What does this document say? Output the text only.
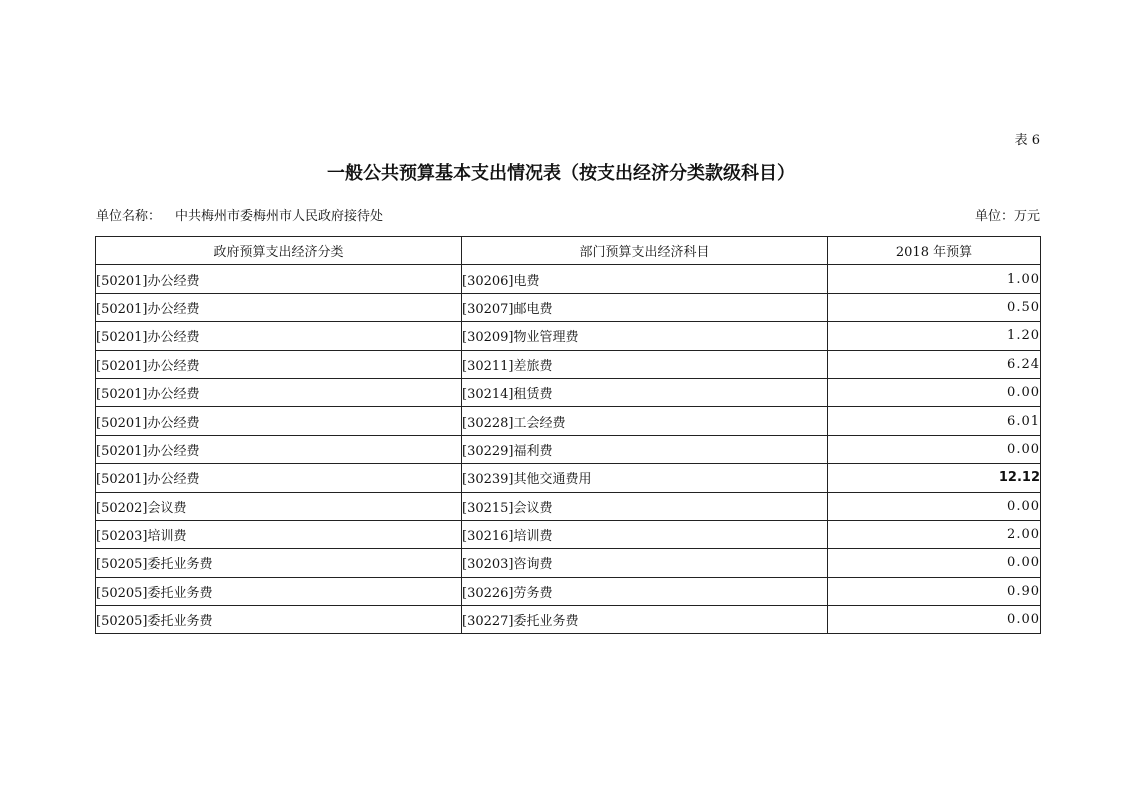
表 6
一般公共预算基本支出情况表（按支出经济分类款级科目）
单位名称： 中共梅州市委梅州市人民政府接待处	单位：万元
政府预算支出经济分类	部门预算支出经济科目	2018 年预算
[50201]办公经费	[30206]电费	1.00
[50201]办公经费	[30207]邮电费	0.50
[50201]办公经费	[30209]物业管理费	1.20
[50201]办公经费	[30211]差旅费	6.24
[50201]办公经费	[30214]租赁费	0.00
[50201]办公经费	[30228]工会经费	6.01
[50201]办公经费	[30229]福利费	0.00
[50201]办公经费	[30239]其他交通费用	12.12
[50202]会议费	[30215]会议费	0.00
[50203]培训费	[30216]培训费	2.00
[50205]委托业务费	[30203]咨询费	0.00
[50205]委托业务费	[30226]劳务费	0.90
[50205]委托业务费	[30227]委托业务费	0.00
